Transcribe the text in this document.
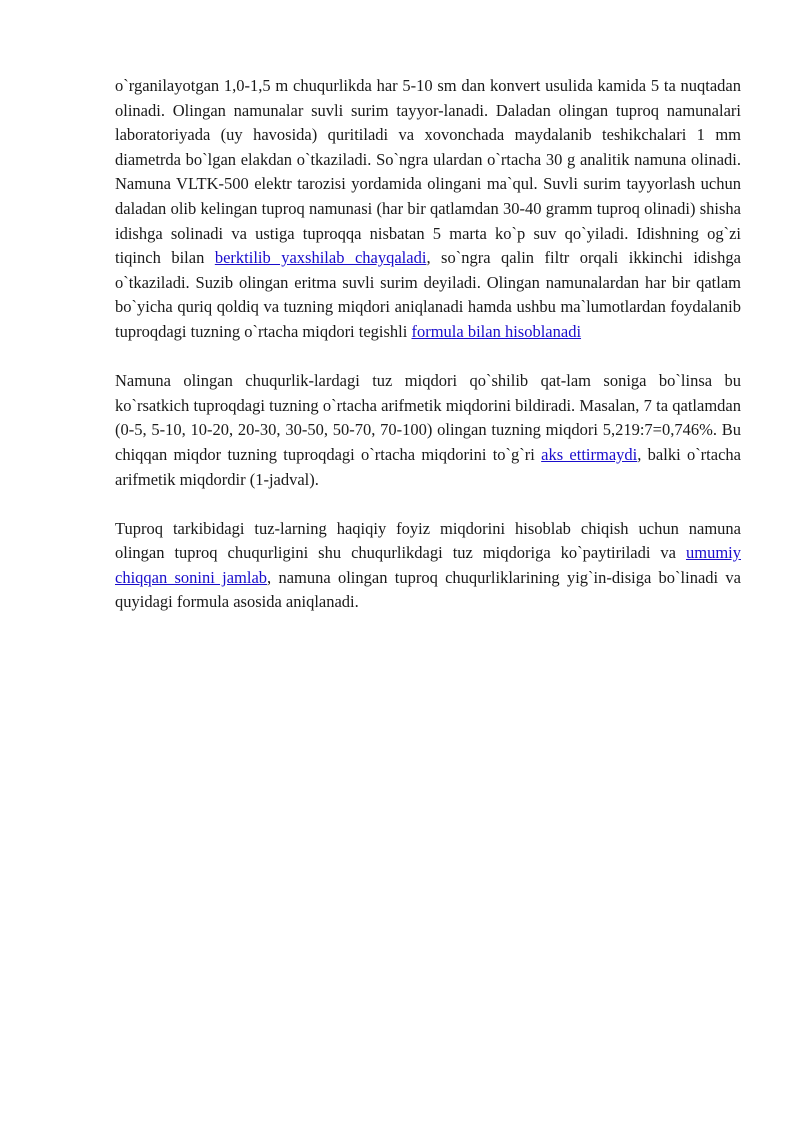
o`rganilayotgan 1,0-1,5 m chuqurlikda har 5-10 sm dan konvert usulida kamida 5 ta nuqtadan olinadi. Olingan namunalar suvli surim tayyor-lanadi. Daladan olingan tuproq namunalari laboratoriyada (uy havosida) quritiladi va xovonchada maydalanib teshikchalari 1 mm diametrda bo`lgan elakdan o`tkaziladi. So`ngra ulardan o`rtacha 30 g analitik namuna olinadi. Namuna VLTK-500 elektr tarozisi yordamida olingani ma`qul. Suvli surim tayyorlash uchun daladan olib kelingan tuproq namunasi (har bir qatlamdan 30-40 gramm tuproq olinadi) shisha idishga solinadi va ustiga tuproqqa nisbatan 5 marta ko`p suv qo`yiladi. Idishning og`zi tiqinch bilan berktilib yaxshilab chayqaladi, so`ngra qalin filtr orqali ikkinchi idishga o`tkaziladi. Suzib olingan eritma suvli surim deyiladi. Olingan namunalardan har bir qatlam bo`yicha quriq qoldiq va tuzning miqdori aniqlanadi hamda ushbu ma`lumotlardan foydalanib tuproqdagi tuzning o`rtacha miqdori tegishli formula bilan hisoblanadi

Namuna olingan chuqurlik-lardagi tuz miqdori qo`shilib qat-lam soniga bo`linsa bu ko`rsatkich tuproqdagi tuzning o`rtacha arifmetik miqdorini bildiradi. Masalan, 7 ta qatlamdan (0-5, 5-10, 10-20, 20-30, 30-50, 50-70, 70-100) olingan tuzning miqdori 5,219:7=0,746%. Bu chiqqan miqdor tuzning tuproqdagi o`rtacha miqdorini to`g`ri aks ettirmaydi, balki o`rtacha arifmetik miqdordir (1-jadval).

Tuproq tarkibidagi tuz-larning haqiqiy foyiz miqdorini hisoblab chiqish uchun namuna olingan tuproq chuqurligini shu chuqurlikdagi tuz miqdoriga ko`paytiriladi va umumiy chiqqan sonini jamlab, namuna olingan tuproq chuqurliklarining yig`in-disiga bo`linadi va quyidagi formula asosida aniqlanadi.
